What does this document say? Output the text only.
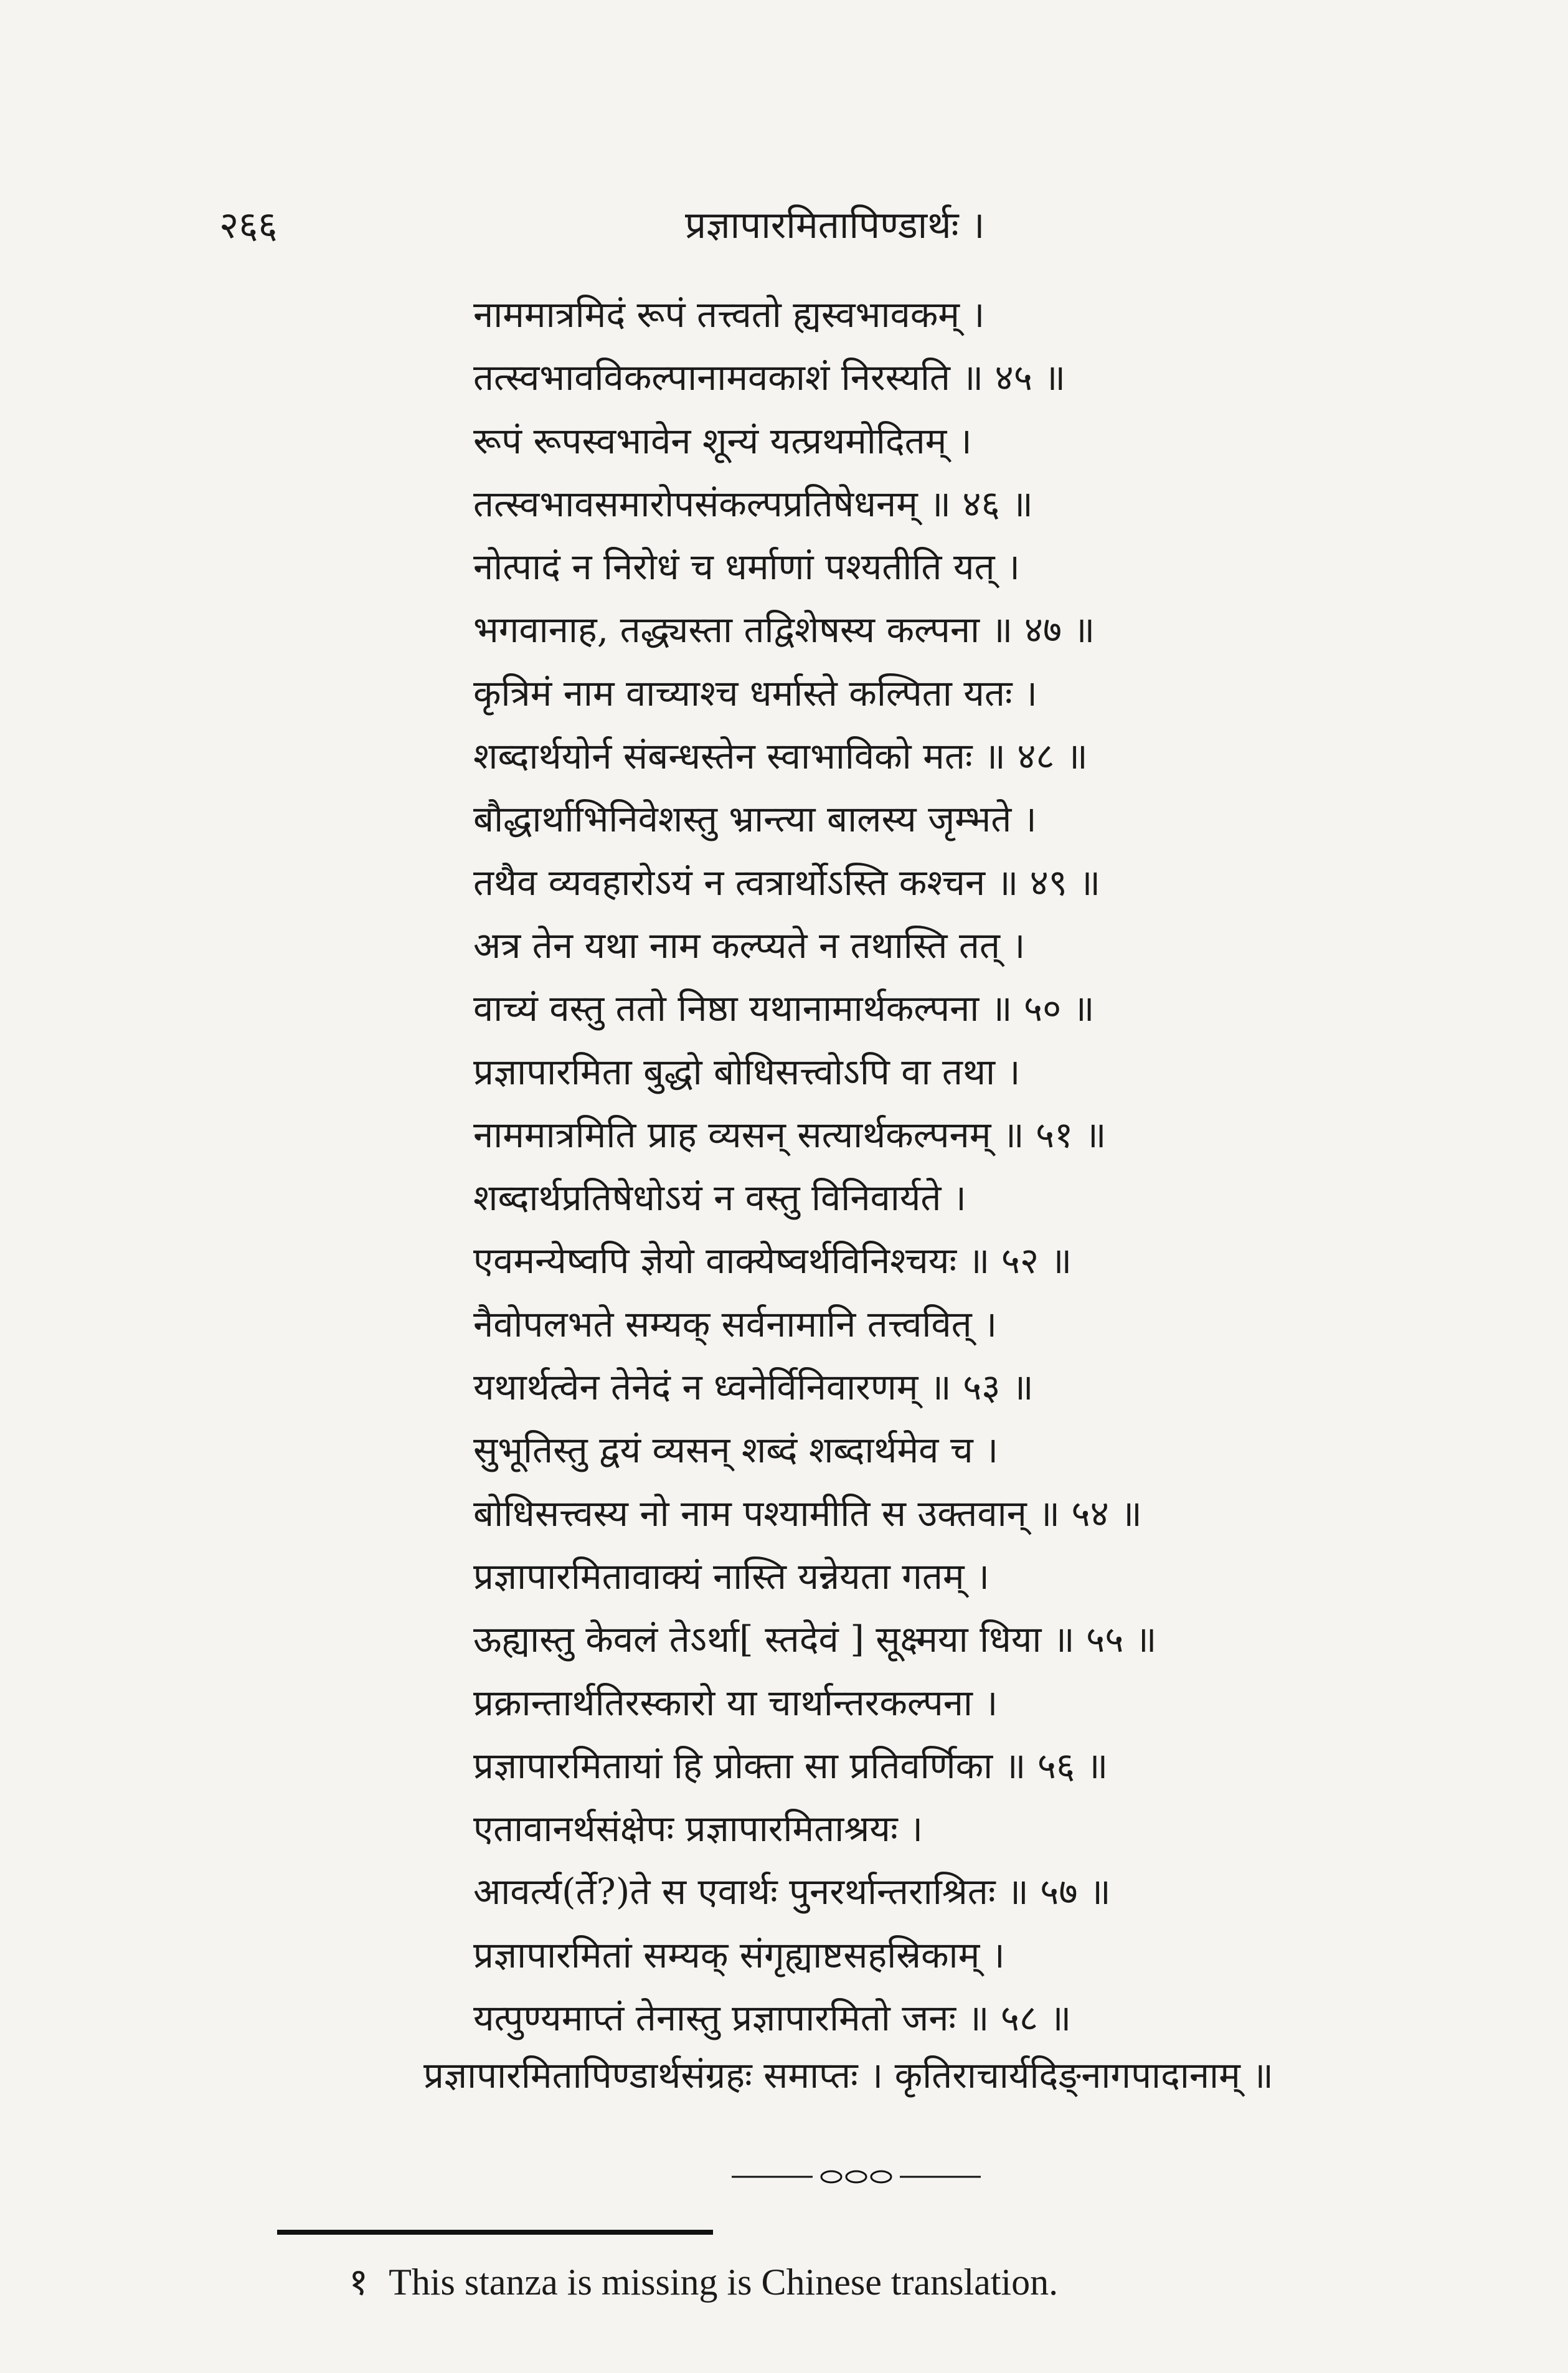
२६६	प्रज्ञापारमितापिण्डार्थः ।
नाममात्रमिदं रूपं तत्त्वतो ह्यस्वभावकम् ।
तत्स्वभावविकल्पानामवकाशं निरस्यति ॥ ४५ ॥
रूपं रूपस्वभावेन शून्यं यत्प्रथमोदितम् ।
तत्स्वभावसमारोपसंकल्पप्रतिषेधनम् ॥ ४६ ॥
नोत्पादं न निरोधं च धर्माणां पश्यतीति यत् ।
भगवानाह, तद्ध्यस्ता तद्विशेषस्य कल्पना ॥ ४७ ॥
कृत्रिमं नाम वाच्याश्च धर्मास्ते कल्पिता यतः ।
शब्दार्थयोर्न संबन्धस्तेन स्वाभाविको मतः ॥ ४८ ॥
बौद्धार्थाभिनिवेशस्तु भ्रान्त्या बालस्य जृम्भते ।
तथैव व्यवहारोऽयं न त्वत्रार्थोऽस्ति कश्चन ॥ ४९ ॥
अत्र तेन यथा नाम कल्प्यते न तथास्ति तत् ।
वाच्यं वस्तु ततो निष्ठा यथानामार्थकल्पना ॥ ५० ॥
प्रज्ञापारमिता बुद्धो बोधिसत्त्वोऽपि वा तथा ।
नाममात्रमिति प्राह व्यसन् सत्यार्थकल्पनम् ॥ ५१ ॥
शब्दार्थप्रतिषेधोऽयं न वस्तु विनिवार्यते ।
एवमन्येष्वपि ज्ञेयो वाक्येष्वर्थविनिश्चयः ॥ ५२ ॥
नैवोपलभते सम्यक् सर्वनामानि तत्त्ववित् ।
यथार्थत्वेन तेनेदं न ध्वनेर्विनिवारणम् ॥ ५३ ॥
सुभूतिस्तु द्वयं व्यसन् शब्दं शब्दार्थमेव च ।
बोधिसत्त्वस्य नो नाम पश्यामीति स उक्तवान् ॥ ५४ ॥
प्रज्ञापारमितावाक्यं नास्ति यन्नेयता गतम् ।
ऊह्यास्तु केवलं तेऽर्था[ स्तदेवं ] सूक्ष्मया धिया ॥ ५५ ॥
प्रक्रान्तार्थतिरस्कारो या चार्थान्तरकल्पना ।
प्रज्ञापारमितायां हि प्रोक्ता सा प्रतिवर्णिका ॥ ५६ ॥
एतावानर्थसंक्षेपः प्रज्ञापारमिताश्रयः ।
आवर्त्य(र्ते?)ते स एवार्थः पुनरर्थान्तराश्रितः ॥ ५७ ॥
प्रज्ञापारमितां सम्यक् संगृह्याष्टसहस्रिकाम् ।
यत्पुण्यमाप्तं तेनास्तु प्रज्ञापारमितो जनः ॥ ५८ ॥
प्रज्ञापारमितापिण्डार्थसंग्रहः समाप्तः । कृतिराचार्यदिङ्नागपादानाम् ॥
१ This stanza is missing is Chinese translation.
